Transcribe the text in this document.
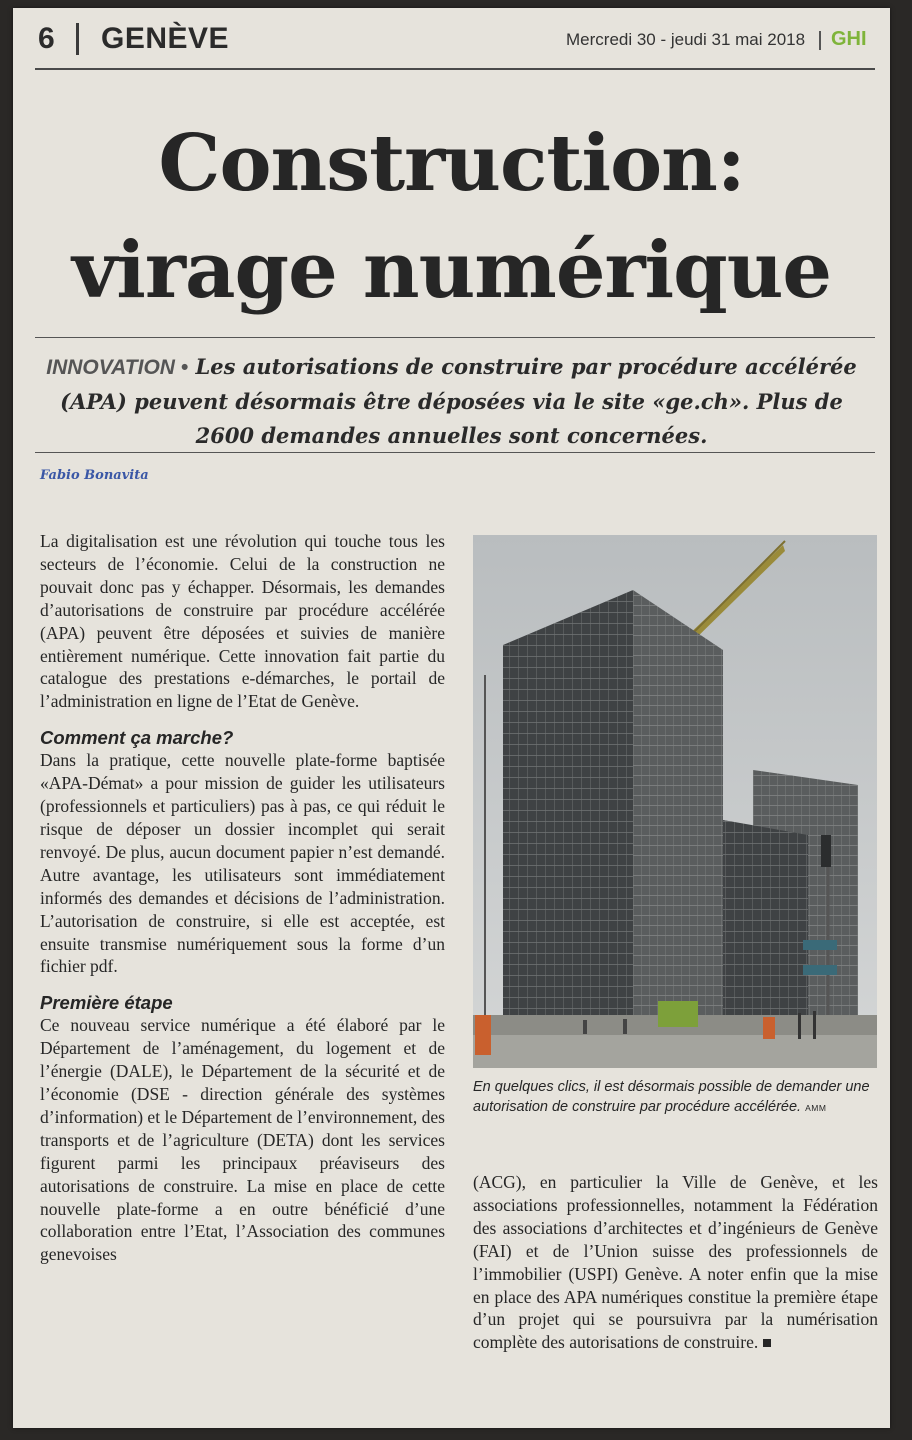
6 GENÈVE	Mercredi 30 - jeudi 31 mai 2018 GHI
Construction:
virage numérique
INNOVATION • Les autorisations de construire par procédure accélérée (APA) peuvent désormais être déposées via le site «ge.ch». Plus de 2600 demandes annuelles sont concernées.
Fabio Bonavita

La digitalisation est une révolution qui touche tous les secteurs de l’économie. Celui de la construction ne pouvait donc pas y échapper. Désormais, les demandes d’autorisations de construire par procédure accélérée (APA) peuvent être déposées et suivies de manière entièrement numérique. Cette innovation fait partie du catalogue des prestations e-démarches, le portail de l’administration en ligne de l’Etat de Genève.

Comment ça marche?

Dans la pratique, cette nouvelle plate-forme baptisée «APA-Démat» a pour mission de guider les utilisateurs (professionnels et particuliers) pas à pas, ce qui réduit le risque de déposer un dossier incomplet qui serait renvoyé. De plus, aucun document papier n’est demandé. Autre avantage, les utilisateurs sont immédiatement informés des demandes et décisions de l’administration. L’autorisation de construire, si elle est acceptée, est ensuite transmise numériquement sous la forme d’un fichier pdf.

Première étape

Ce nouveau service numérique a été élaboré par le Département de l’aménagement, du logement et de l’énergie (DALE), le Département de la sécurité et de l’économie (DSE - direction générale des systèmes d’information) et le Département de l’environnement, des transports et de l’agriculture (DETA) dont les services figurent parmi les principaux préaviseurs des autorisations de construire. La mise en place de cette nouvelle plate-forme a en outre bénéficié d’une collaboration entre l’Etat, l’Association des communes genevoises

En quelques clics, il est désormais possible de demander une autorisation de construire par procédure accélérée. AMM

(ACG), en particulier la Ville de Genève, et les associations professionnelles, notamment la Fédération des associations d’architectes et d’ingénieurs de Genève (FAI) et de l’Union suisse des professionnels de l’immobilier (USPI) Genève. A noter enfin que la mise en place des APA numériques constitue la première étape d’un projet qui se poursuivra par la numérisation complète des autorisations de construire.
